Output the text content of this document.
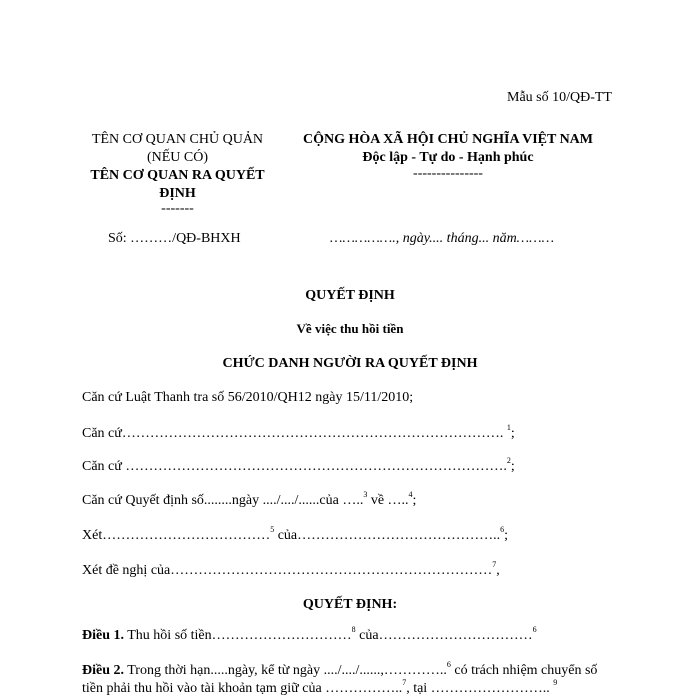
Mẫu số 10/QĐ-TT
TÊN CƠ QUAN CHỦ QUẢN
(NẾU CÓ)
TÊN CƠ QUAN RA QUYẾT
ĐỊNH
-------
Số: ………/QĐ-BHXH
CỘNG HÒA XÃ HỘI CHỦ NGHĨA VIỆT NAM
Độc lập - Tự do - Hạnh phúc
---------------
……………., ngày.... tháng... năm………
QUYẾT ĐỊNH
Về việc thu hồi tiền
CHỨC DANH NGƯỜI RA QUYẾT ĐỊNH
Căn cứ Luật Thanh tra số 56/2010/QH12 ngày 15/11/2010;
Căn cứ………………………………………………………………………. $^1$;
Căn cứ ……………………………………………………………………….$^2$;
Căn cứ Quyết định số........ngày ..../..../......của …..$^3$ về …..$^4$;
Xét………………………………$^5$ của……………………………………..$^6$;
Xét đề nghị của……………………………………………………………$^7$,
QUYẾT ĐỊNH:
Điều 1. Thu hồi số tiền…………………………$^8$ của……………………………$^6$
Điều 2. Trong thời hạn.....ngày, kể từ ngày ..../..../......,…………..$^6$ có trách nhiệm chuyển số
tiền phải thu hồi vào tài khoản tạm giữ của ……………..$^7$, tại …………………….. $^9$
